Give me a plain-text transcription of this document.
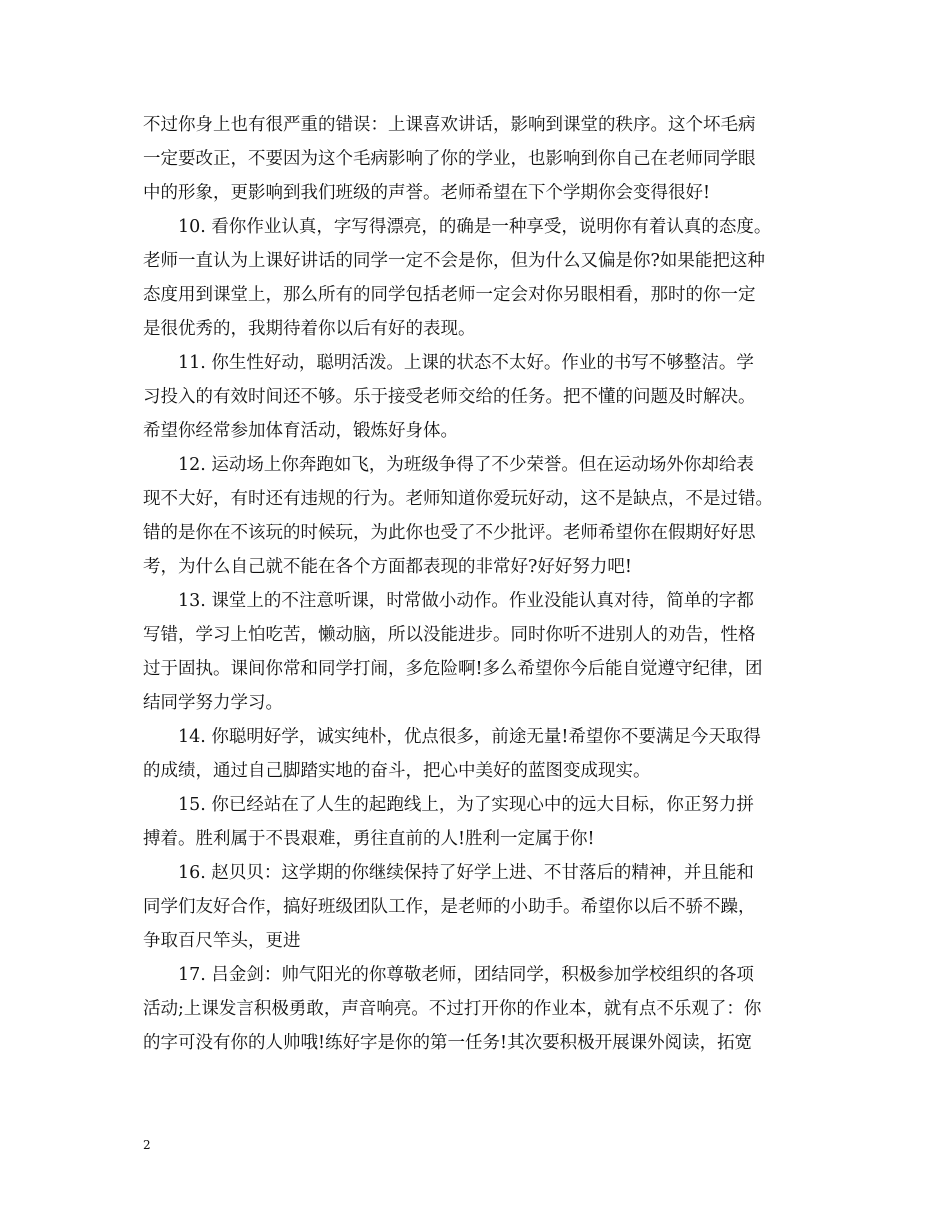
不过你身上也有很严重的错误：上课喜欢讲话，影响到课堂的秩序。这个坏毛病
一定要改正，不要因为这个毛病影响了你的学业，也影响到你自己在老师同学眼
中的形象，更影响到我们班级的声誉。老师希望在下个学期你会变得很好!
10. 看你作业认真，字写得漂亮，的确是一种享受，说明你有着认真的态度。
老师一直认为上课好讲话的同学一定不会是你，但为什么又偏是你?如果能把这种
态度用到课堂上，那么所有的同学包括老师一定会对你另眼相看，那时的你一定
是很优秀的，我期待着你以后有好的表现。
11. 你生性好动，聪明活泼。上课的状态不太好。作业的书写不够整洁。学
习投入的有效时间还不够。乐于接受老师交给的任务。把不懂的问题及时解决。
希望你经常参加体育活动，锻炼好身体。
12. 运动场上你奔跑如飞，为班级争得了不少荣誉。但在运动场外你却给表
现不大好，有时还有违规的行为。老师知道你爱玩好动，这不是缺点，不是过错。
错的是你在不该玩的时候玩，为此你也受了不少批评。老师希望你在假期好好思
考，为什么自己就不能在各个方面都表现的非常好?好好努力吧!
13. 课堂上的不注意听课，时常做小动作。作业没能认真对待，简单的字都
写错，学习上怕吃苦，懒动脑，所以没能进步。同时你听不进别人的劝告，性格
过于固执。课间你常和同学打闹，多危险啊!多么希望你今后能自觉遵守纪律，团
结同学努力学习。
14. 你聪明好学，诚实纯朴，优点很多，前途无量!希望你不要满足今天取得
的成绩，通过自己脚踏实地的奋斗，把心中美好的蓝图变成现实。
15. 你已经站在了人生的起跑线上，为了实现心中的远大目标，你正努力拼
搏着。胜利属于不畏艰难，勇往直前的人!胜利一定属于你!
16. 赵贝贝：这学期的你继续保持了好学上进、不甘落后的精神，并且能和
同学们友好合作，搞好班级团队工作，是老师的小助手。希望你以后不骄不躁，
争取百尺竿头，更进
17. 吕金剑：帅气阳光的你尊敬老师，团结同学，积极参加学校组织的各项
活动;上课发言积极勇敢，声音响亮。不过打开你的作业本，就有点不乐观了：你
的字可没有你的人帅哦!练好字是你的第一任务!其次要积极开展课外阅读，拓宽
2
